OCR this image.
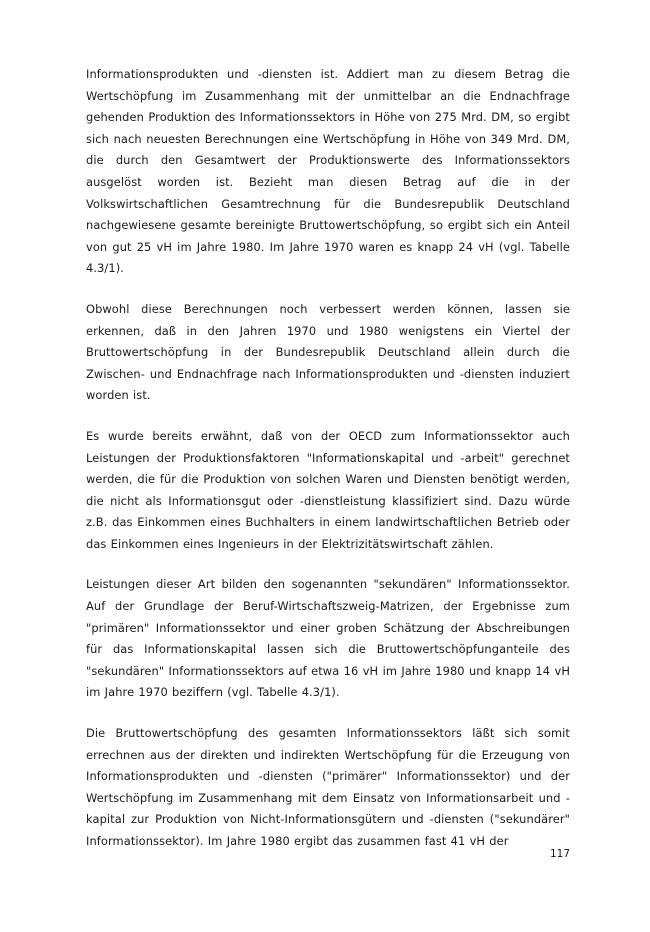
Informationsprodukten und -diensten ist. Addiert man zu diesem Betrag die Wertschöpfung im Zusammenhang mit der unmittelbar an die Endnachfrage gehenden Produktion des Informationssektors in Höhe von 275 Mrd. DM, so ergibt sich nach neuesten Berechnungen eine Wertschöpfung in Höhe von 349 Mrd. DM, die durch den Gesamtwert der Produktionswerte des Informationssektors ausgelöst worden ist. Bezieht man diesen Betrag auf die in der Volkswirtschaftlichen Gesamtrechnung für die Bundesrepublik Deutschland nachgewiesene gesamte bereinigte Bruttowertschöpfung, so ergibt sich ein Anteil von gut 25 vH im Jahre 1980. Im Jahre 1970 waren es knapp 24 vH (vgl. Tabelle 4.3/1).

Obwohl diese Berechnungen noch verbessert werden können, lassen sie erkennen, daß in den Jahren 1970 und 1980 wenigstens ein Viertel der Bruttowertschöpfung in der Bundesrepublik Deutschland allein durch die Zwischen- und Endnachfrage nach Informationsprodukten und -diensten induziert worden ist.

Es wurde bereits erwähnt, daß von der OECD zum Informationssektor auch Leistungen der Produktionsfaktoren "Informationskapital und -arbeit" gerechnet werden, die für die Produktion von solchen Waren und Diensten benötigt werden, die nicht als Informationsgut oder -dienstleistung klassifiziert sind. Dazu würde z.B. das Einkommen eines Buchhalters in einem landwirtschaftlichen Betrieb oder das Einkommen eines Ingenieurs in der Elektrizitätswirtschaft zählen.

Leistungen dieser Art bilden den sogenannten "sekundären" Informationssektor. Auf der Grundlage der Beruf-Wirtschaftszweig-Matrizen, der Ergebnisse zum "primären" Informationssektor und einer groben Schätzung der Abschreibungen für das Informationskapital lassen sich die Bruttowertschöpfunganteile des "sekundären" Informationssektors auf etwa 16 vH im Jahre 1980 und knapp 14 vH im Jahre 1970 beziffern (vgl. Tabelle 4.3/1).

Die Bruttowertschöpfung des gesamten Informationssektors läßt sich somit errechnen aus der direkten und indirekten Wertschöpfung für die Erzeugung von Informationsprodukten und -diensten ("primärer" Informationssektor) und der Wertschöpfung im Zusammenhang mit dem Einsatz von Informationsarbeit und -kapital zur Produktion von Nicht-Informationsgütern und -diensten ("sekundärer" Informationssektor). Im Jahre 1980 ergibt das zusammen fast 41 vH der

117
